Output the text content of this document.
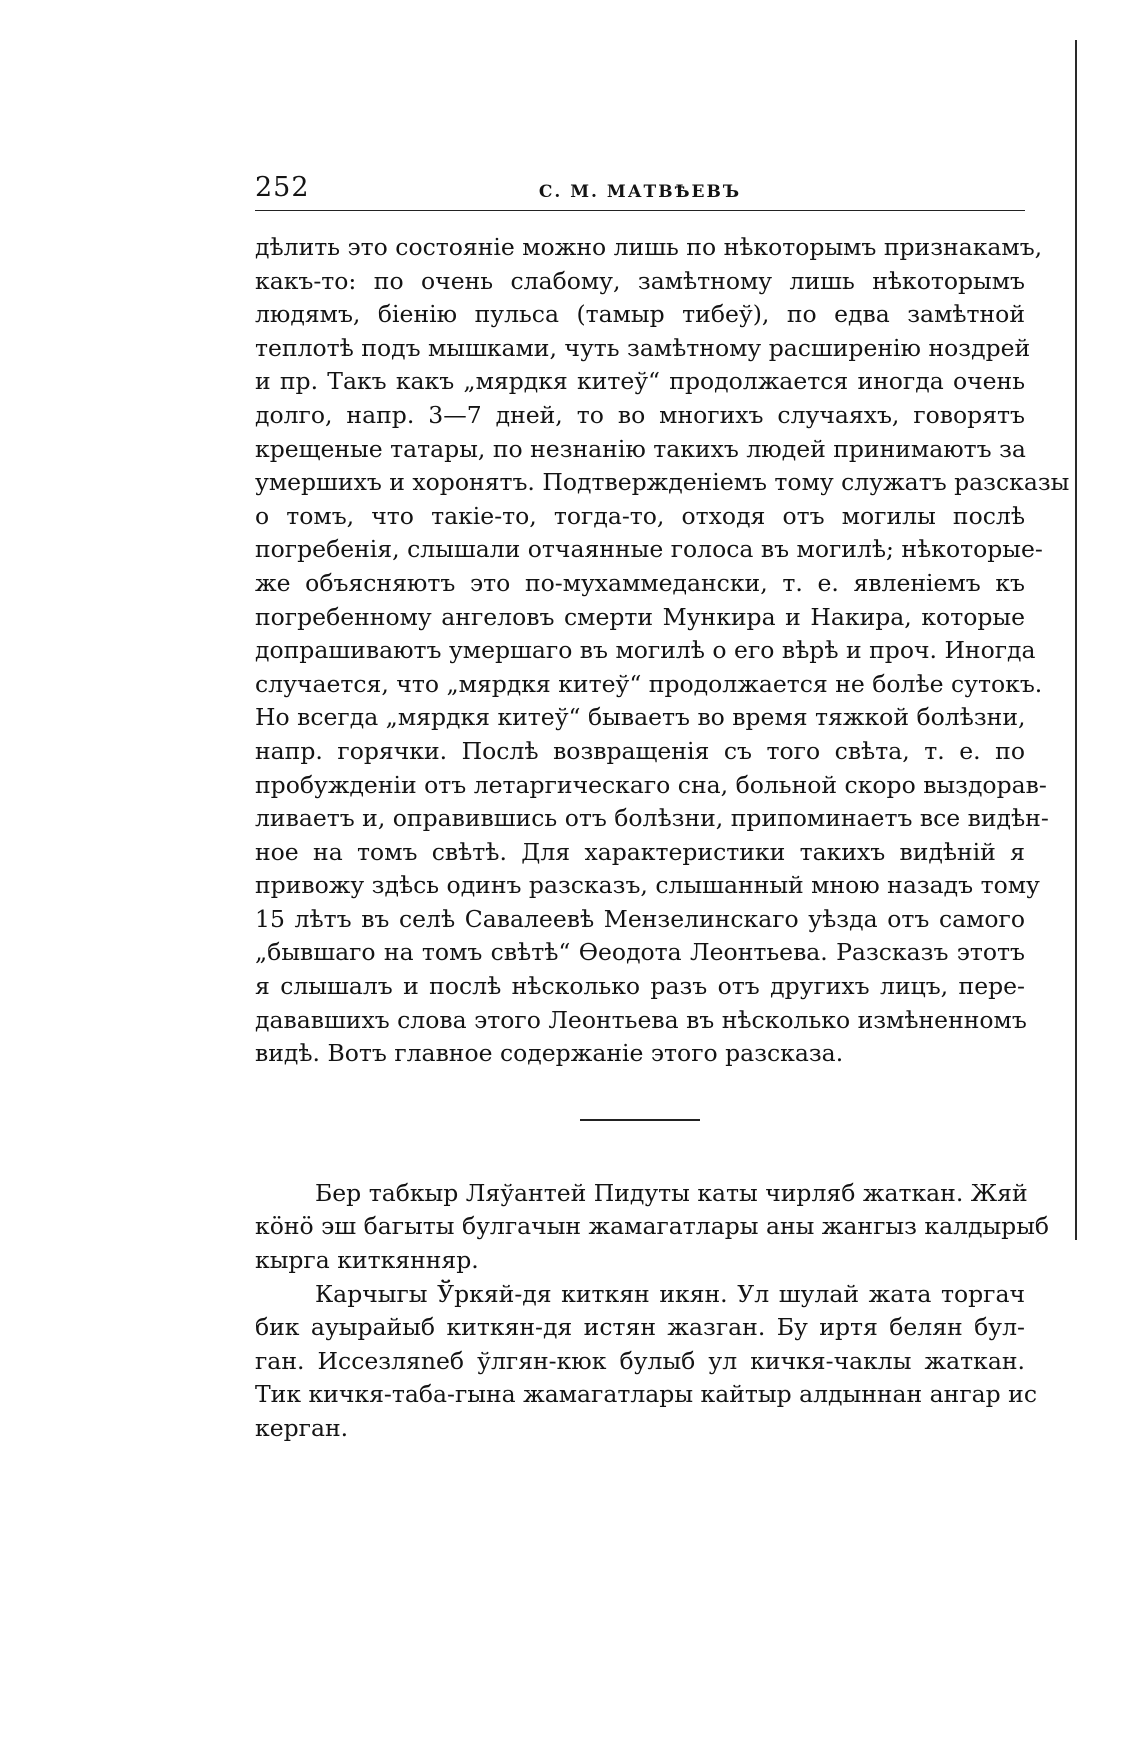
252	С. М. МАТВѢЕВЪ
дѣлить это состояніе можно лишь по нѣкоторымъ признакамъ,
какъ-то: по очень слабому, замѣтному лишь нѣкоторымъ
людямъ, біенію пульса (тамыр тибеў), по едва замѣтной
теплотѣ подъ мышками, чуть замѣтному расширенію ноздрей
и пр. Такъ какъ „мяpдкя китеў“ продолжается иногда очень
долго, напр. 3—7 дней, то во многихъ случаяхъ, говорятъ
крещеные татары, по незнанію такихъ людей принимаютъ за
умершихъ и хоронятъ. Подтвержденіемъ тому служатъ разсказы
о томъ, что такіе-то, тогда-то, отходя отъ могилы послѣ
погребенія, слышали отчаянные голоса въ могилѣ; нѣкоторые-
же объясняютъ это по-мухаммедански, т. е. явленіемъ къ
погребенному ангеловъ смерти Мункира и Накира, которые
допрашиваютъ умершаго въ могилѣ о его вѣрѣ и проч. Иногда
случается, что „мярдкя китеў“ продолжается не болѣе сутокъ.
Но всегда „мярдкя китеў“ бываетъ во время тяжкой болѣзни,
напр. горячки. Послѣ возвращенія съ того свѣта, т. е. по
пробужденіи отъ летаргическаго сна, больной скоро выздорав-
ливаетъ и, оправившись отъ болѣзни, припоминаетъ все видѣн-
ное на томъ свѣтѣ. Для характеристики такихъ видѣній я
привожу здѣсь одинъ разсказъ, слышанный мною назадъ тому
15 лѣтъ въ селѣ Савалеевѣ Мензелинскаго уѣзда отъ самого
„бывшаго на томъ свѣтѣ“ Ѳеодота Леонтьева. Разсказъ этотъ
я слышалъ и послѣ нѣсколько разъ отъ другихъ лицъ, пере-
дававшихъ слова этого Леонтьева въ нѣсколько измѣненномъ
видѣ. Вотъ главное содержаніе этого разсказа.
Бер табкыр Ляўантей Пидуты каты чирляб жаткан. Жяй
кӧнӧ эш багыты булгачын жамагатлары аны жангыз калдырыб
кырга киткянняр.
Карчыгы Ўркяй-дя киткян икян. Ул шулай жата торгач
бик ауырайыб киткян-дя истян жазган. Бу иртя белян бул-
ган. Иссезляneб ўлгян-кюк булыб ул кичкя-чаклы жаткан.
Тик кичкя-таба-гына жамагатлары кайтыр алдыннан ангар ис
керган.
